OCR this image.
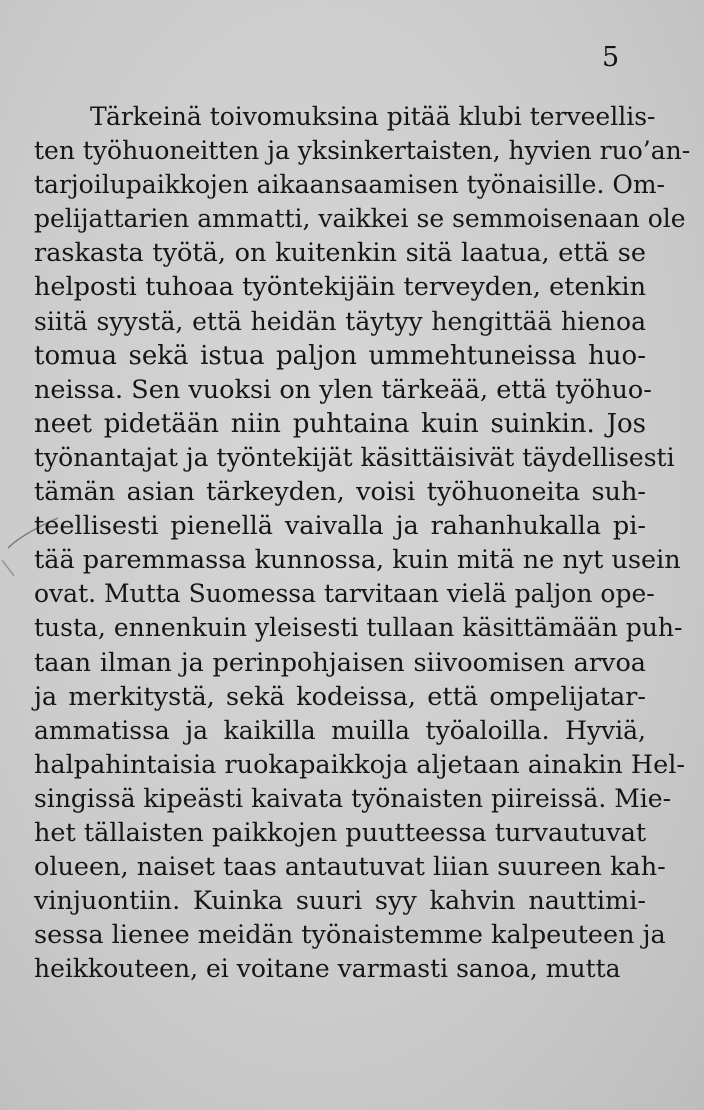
5
Tärkeinä toivomuksina pitää klubi terveellis-
ten työhuoneitten ja yksinkertaisten, hyvien ruo’an-
tarjoilupaikkojen aikaansaamisen työnaisille. Om-
pelijattarien ammatti, vaikkei se semmoisenaan ole
raskasta työtä, on kuitenkin sitä laatua, että se
helposti tuhoaa työntekijäin terveyden, etenkin
siitä syystä, että heidän täytyy hengittää hienoa
tomua sekä istua paljon ummehtuneissa huo-
neissa. Sen vuoksi on ylen tärkeää, että työhuo-
neet pidetään niin puhtaina kuin suinkin. Jos
työnantajat ja työntekijät käsittäisivät täydellisesti
tämän asian tärkeyden, voisi työhuoneita suh-
teellisesti pienellä vaivalla ja rahanhukalla pi-
tää paremmassa kunnossa, kuin mitä ne nyt usein
ovat. Mutta Suomessa tarvitaan vielä paljon ope-
tusta, ennenkuin yleisesti tullaan käsittämään puh-
taan ilman ja perinpohjaisen siivoomisen arvoa
ja merkitystä, sekä kodeissa, että ompelijatar-
ammatissa ja kaikilla muilla työaloilla. Hyviä,
halpahintaisia ruokapaikkoja aljetaan ainakin Hel-
singissä kipeästi kaivata työnaisten piireissä. Mie-
het tällaisten paikkojen puutteessa turvautuvat
olueen, naiset taas antautuvat liian suureen kah-
vinjuontiin. Kuinka suuri syy kahvin nauttimi-
sessa lienee meidän työnaistemme kalpeuteen ja
heikkouteen, ei voitane varmasti sanoa, mutta
